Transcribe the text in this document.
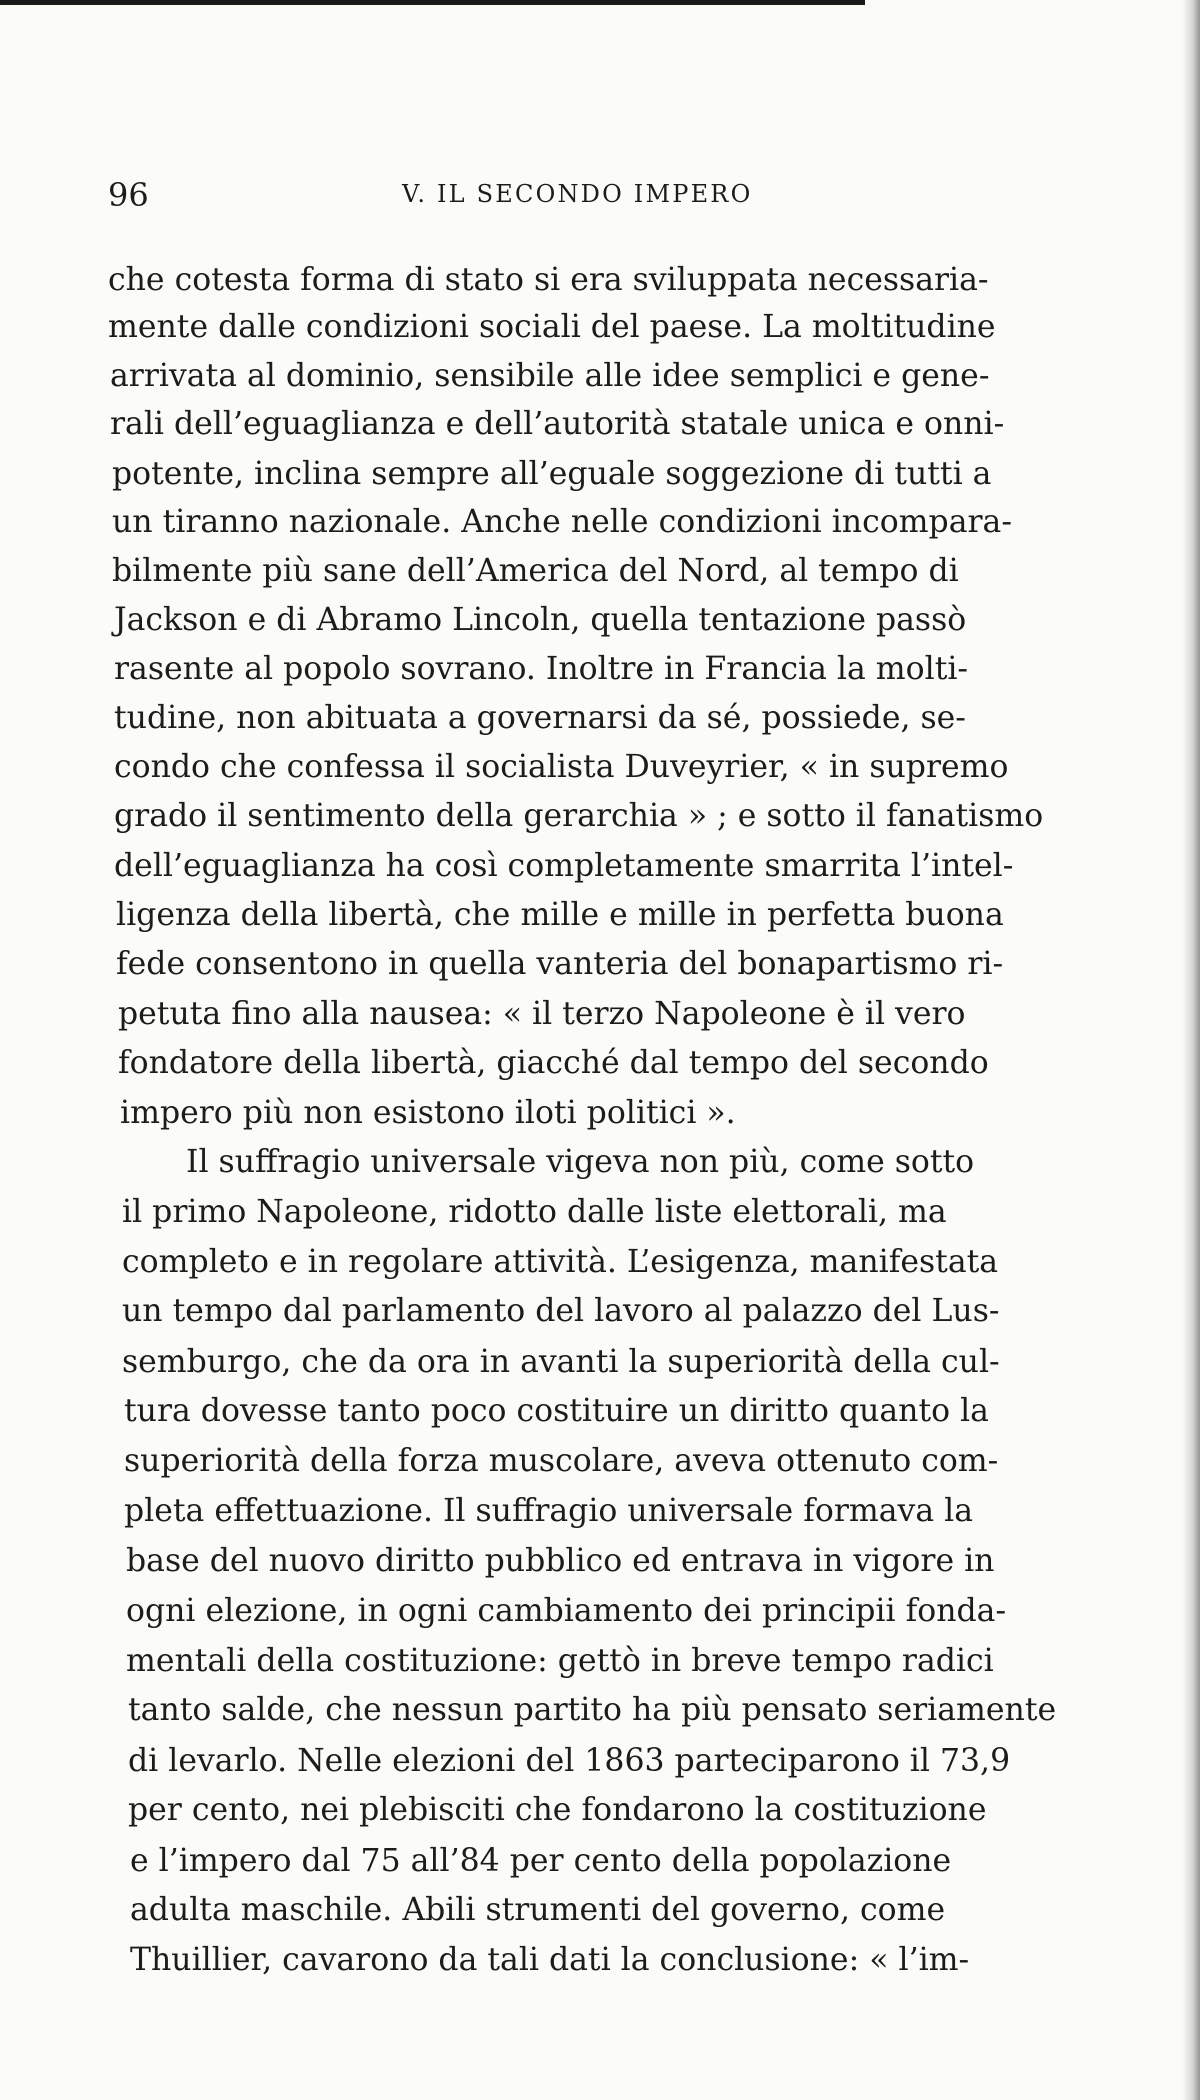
96	V. IL SECONDO IMPERO
che cotesta forma di stato si era sviluppata necessaria-
mente dalle condizioni sociali del paese. La moltitudine
arrivata al dominio, sensibile alle idee semplici e gene-
rali dell’eguaglianza e dell’autorità statale unica e onni-
potente, inclina sempre all’eguale soggezione di tutti a
un tiranno nazionale. Anche nelle condizioni incompara-
bilmente più sane dell’America del Nord, al tempo di
Jackson e di Abramo Lincoln, quella tentazione passò
rasente al popolo sovrano. Inoltre in Francia la molti-
tudine, non abituata a governarsi da sé, possiede, se-
condo che confessa il socialista Duveyrier, « in supremo
grado il sentimento della gerarchia » ; e sotto il fanatismo
dell’eguaglianza ha così completamente smarrita l’intel-
ligenza della libertà, che mille e mille in perfetta buona
fede consentono in quella vanteria del bonapartismo ri-
petuta fino alla nausea: « il terzo Napoleone è il vero
fondatore della libertà, giacché dal tempo del secondo
impero più non esistono iloti politici ».
Il suffragio universale vigeva non più, come sotto
il primo Napoleone, ridotto dalle liste elettorali, ma
completo e in regolare attività. L’esigenza, manifestata
un tempo dal parlamento del lavoro al palazzo del Lus-
semburgo, che da ora in avanti la superiorità della cul-
tura dovesse tanto poco costituire un diritto quanto la
superiorità della forza muscolare, aveva ottenuto com-
pleta effettuazione. Il suffragio universale formava la
base del nuovo diritto pubblico ed entrava in vigore in
ogni elezione, in ogni cambiamento dei principii fonda-
mentali della costituzione: gettò in breve tempo radici
tanto salde, che nessun partito ha più pensato seriamente
di levarlo. Nelle elezioni del 1863 parteciparono il 73,9
per cento, nei plebisciti che fondarono la costituzione
e l’impero dal 75 all’84 per cento della popolazione
adulta maschile. Abili strumenti del governo, come
Thuillier, cavarono da tali dati la conclusione: « l’im-
